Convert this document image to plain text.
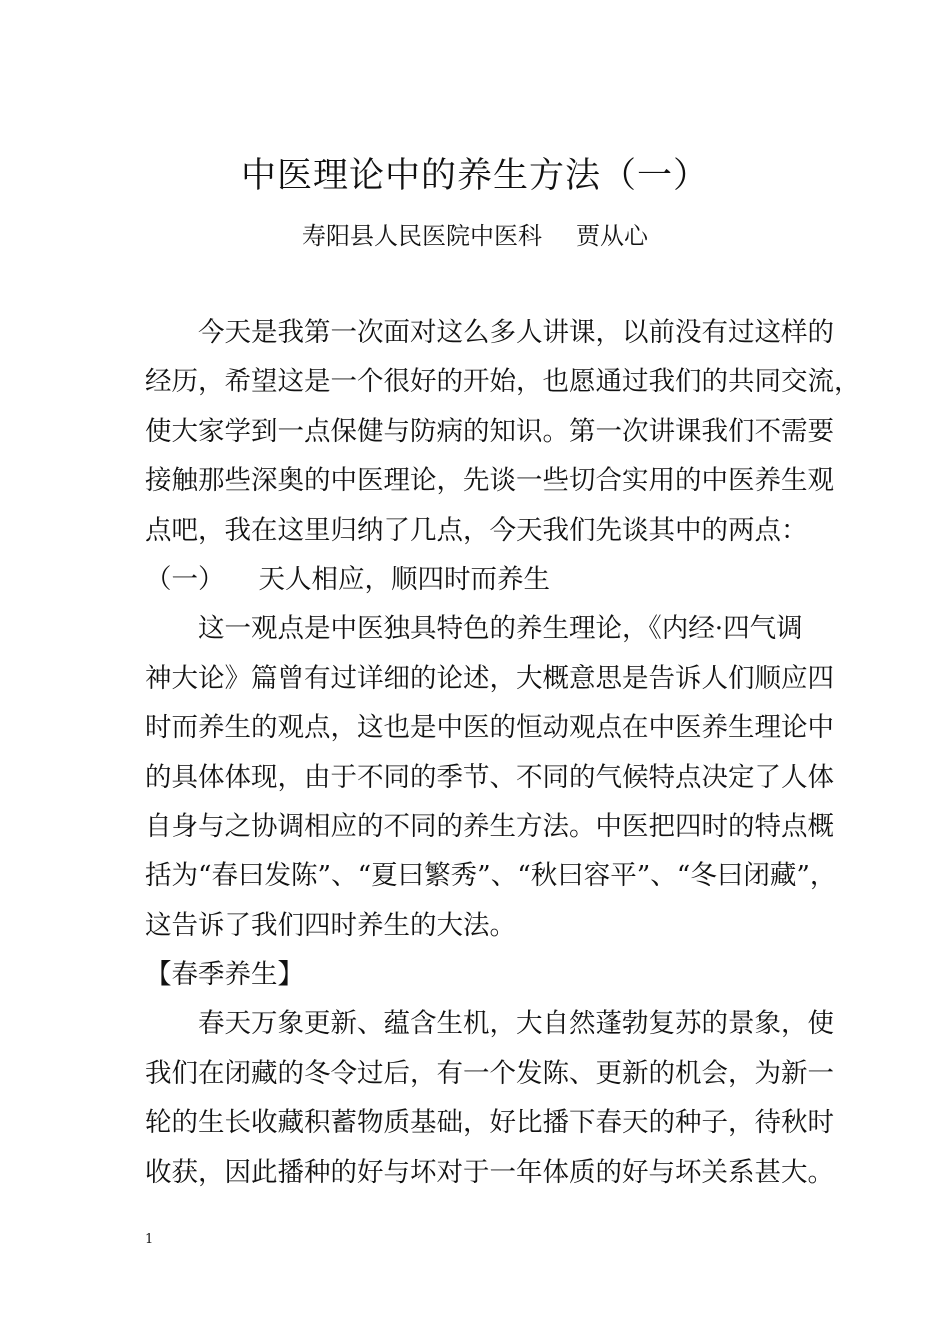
中医理论中的养生方法（一）
寿阳县人民医院中医科 贾从心
今天是我第一次面对这么多人讲课，以前没有过这样的
经历，希望这是一个很好的开始，也愿通过我们的共同交流，
使大家学到一点保健与防病的知识。第一次讲课我们不需要
接触那些深奥的中医理论，先谈一些切合实用的中医养生观
点吧，我在这里归纳了几点，今天我们先谈其中的两点：
（一） 天人相应，顺四时而养生
这一观点是中医独具特色的养生理论，《内经·四气调
神大论》篇曾有过详细的论述，大概意思是告诉人们顺应四
时而养生的观点，这也是中医的恒动观点在中医养生理论中
的具体体现，由于不同的季节、不同的气候特点决定了人体
自身与之协调相应的不同的养生方法。中医把四时的特点概
括为“春曰发陈”、“夏曰繁秀”、“秋曰容平”、“冬曰闭藏”，
这告诉了我们四时养生的大法。
【春季养生】
春天万象更新、蕴含生机，大自然蓬勃复苏的景象，使
我们在闭藏的冬令过后，有一个发陈、更新的机会，为新一
轮的生长收藏积蓄物质基础，好比播下春天的种子，待秋时
收获，因此播种的好与坏对于一年体质的好与坏关系甚大。
1
